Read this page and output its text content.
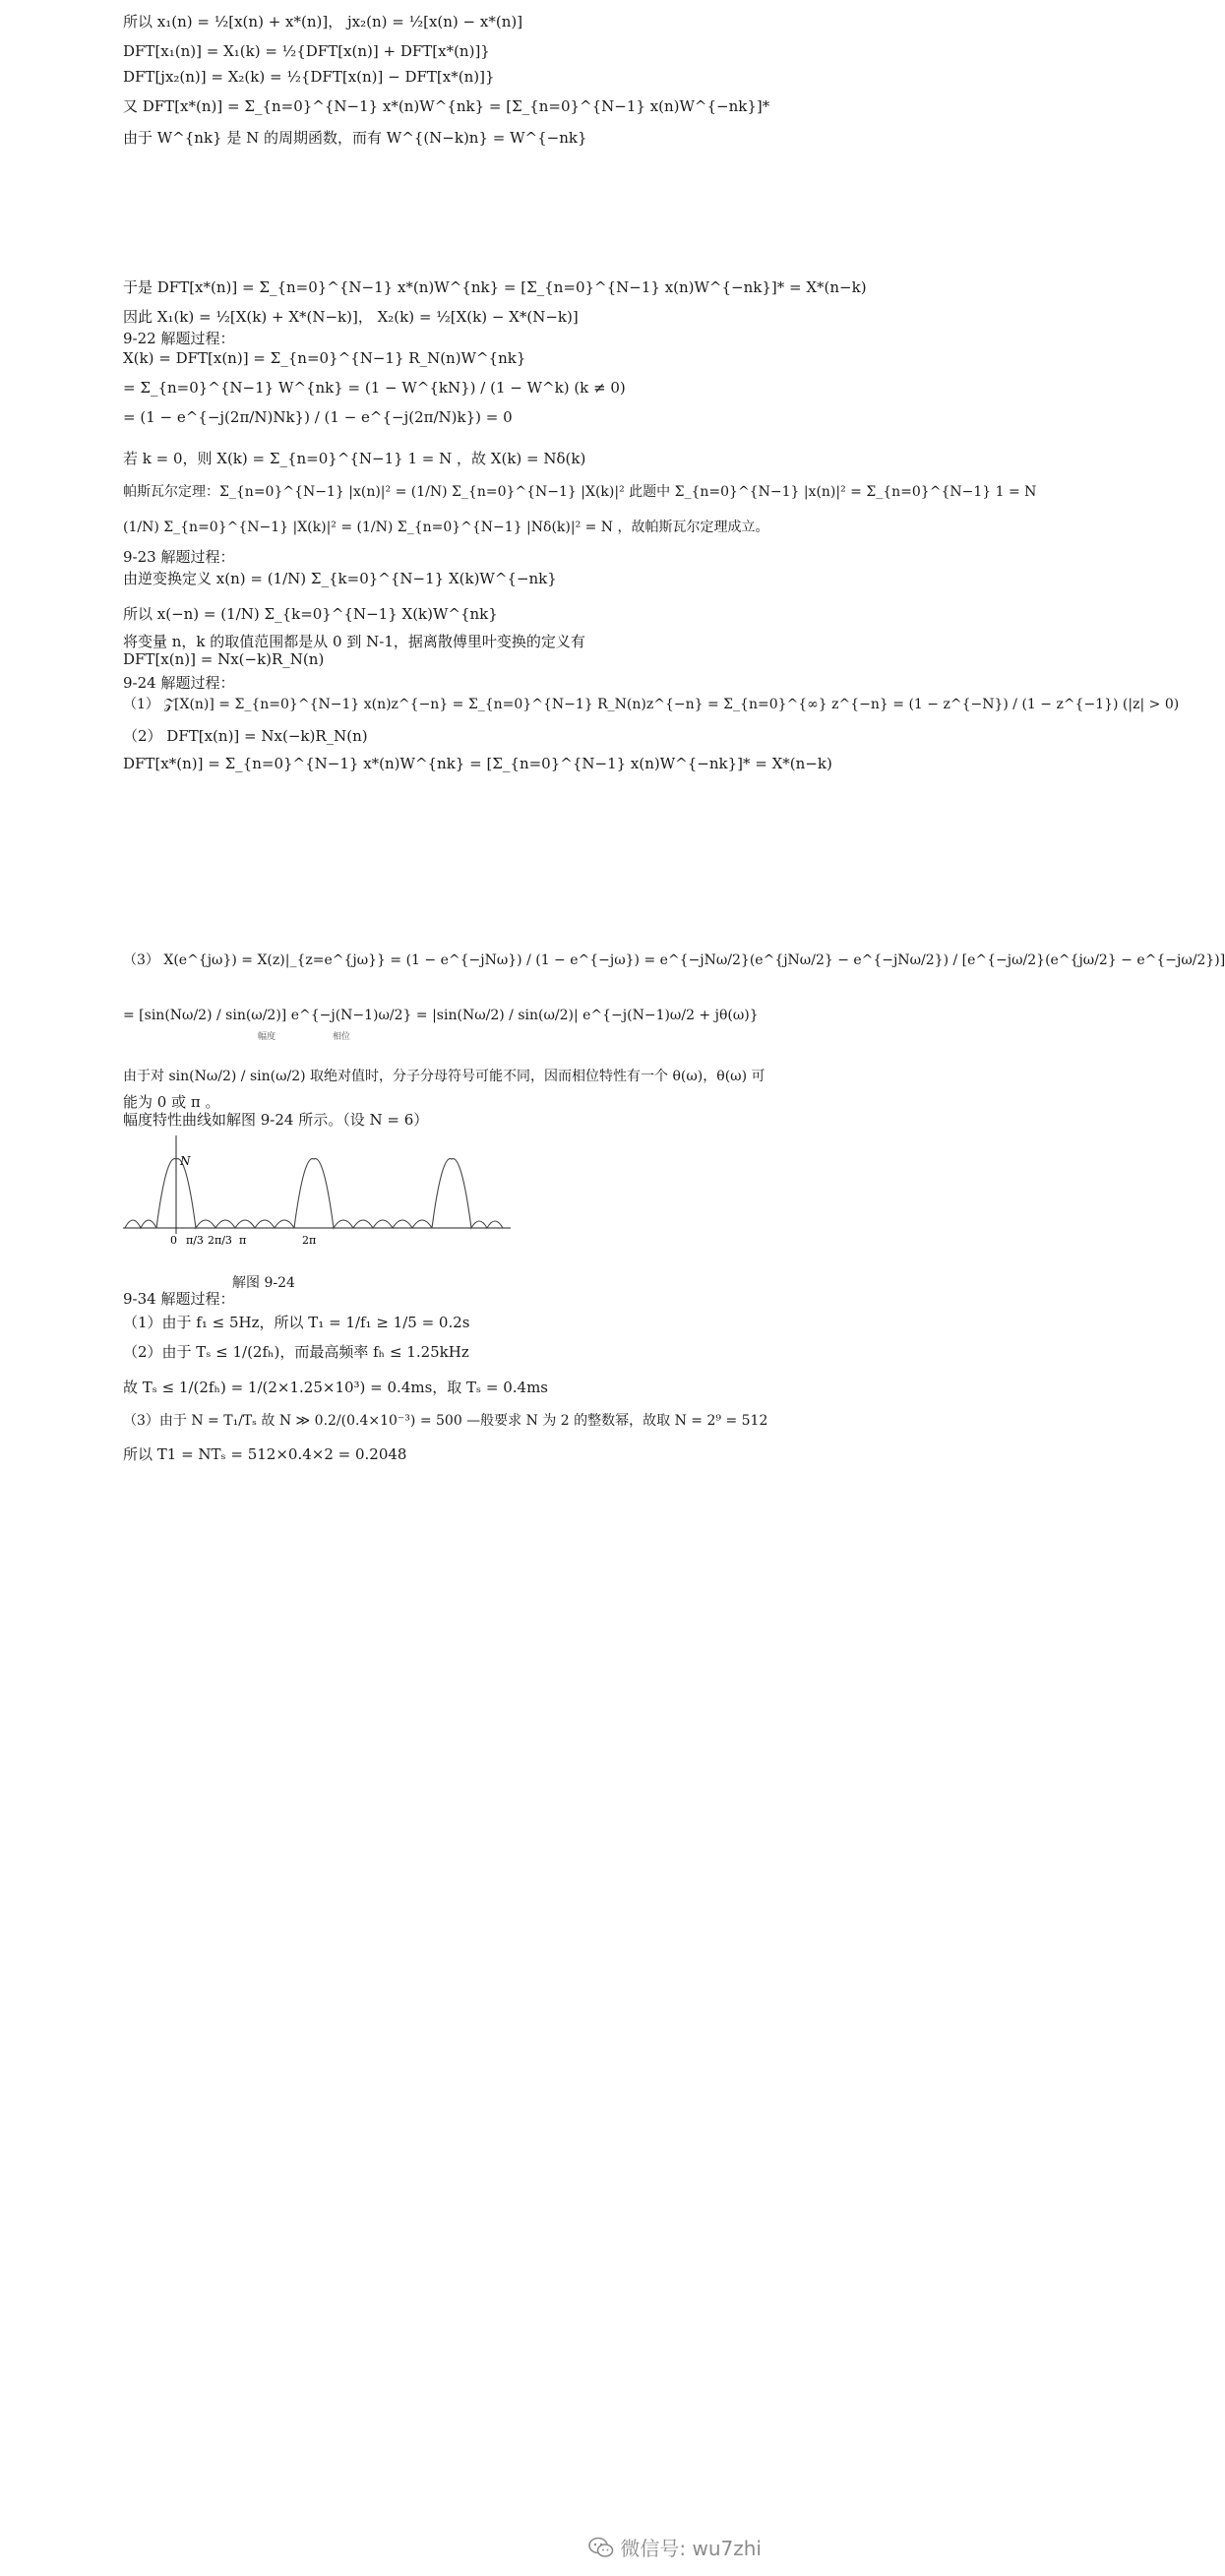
所以 x₁(n) = ½[x(n) + x*(n)]， jx₂(n) = ½[x(n) − x*(n)]
DFT[x₁(n)] = X₁(k) = ½{DFT[x(n)] + DFT[x*(n)]}
DFT[jx₂(n)] = X₂(k) = ½{DFT[x(n)] − DFT[x*(n)]}
又 DFT[x*(n)] = Σ_{n=0}^{N−1} x*(n)W^{nk} = [Σ_{n=0}^{N−1} x(n)W^{−nk}]*
由于 W^{nk} 是 N 的周期函数，而有 W^{(N−k)n} = W^{−nk}
于是 DFT[x*(n)] = Σ_{n=0}^{N−1} x*(n)W^{nk} = [Σ_{n=0}^{N−1} x(n)W^{−nk}]* = X*(n−k)
因此 X₁(k) = ½[X(k) + X*(N−k)]， X₂(k) = ½[X(k) − X*(N−k)]
9-22 解题过程：
X(k) = DFT[x(n)] = Σ_{n=0}^{N−1} R_N(n)W^{nk}
= Σ_{n=0}^{N−1} W^{nk} = (1 − W^{kN}) / (1 − W^k) (k ≠ 0)
= (1 − e^{−j(2π/N)Nk}) / (1 − e^{−j(2π/N)k}) = 0
若 k = 0，则 X(k) = Σ_{n=0}^{N−1} 1 = N ，故 X(k) = Nδ(k)
帕斯瓦尔定理：Σ_{n=0}^{N−1} |x(n)|² = (1/N) Σ_{n=0}^{N−1} |X(k)|² 此题中 Σ_{n=0}^{N−1} |x(n)|² = Σ_{n=0}^{N−1} 1 = N
(1/N) Σ_{n=0}^{N−1} |X(k)|² = (1/N) Σ_{n=0}^{N−1} |Nδ(k)|² = N ，故帕斯瓦尔定理成立。
9-23 解题过程：
由逆变换定义 x(n) = (1/N) Σ_{k=0}^{N−1} X(k)W^{−nk}
所以 x(−n) = (1/N) Σ_{k=0}^{N−1} X(k)W^{nk}
将变量 n，k 的取值范围都是从 0 到 N-1，据离散傅里叶变换的定义有
DFT[x(n)] = Nx(−k)R_N(n)
9-24 解题过程：
（1） 𝒵[X(n)] = Σ_{n=0}^{N−1} x(n)z^{−n} = Σ_{n=0}^{N−1} R_N(n)z^{−n} = Σ_{n=0}^{∞} z^{−n} = (1 − z^{−N}) / (1 − z^{−1}) (|z| > 0)
（2） DFT[x(n)] = Nx(−k)R_N(n)
DFT[x*(n)] = Σ_{n=0}^{N−1} x*(n)W^{nk} = [Σ_{n=0}^{N−1} x(n)W^{−nk}]* = X*(n−k)
（3） X(e^{jω}) = X(z)|_{z=e^{jω}} = (1 − e^{−jNω}) / (1 − e^{−jω}) = e^{−jNω/2}(e^{jNω/2} − e^{−jNω/2}) / [e^{−jω/2}(e^{jω/2} − e^{−jω/2})]
= [sin(Nω/2) / sin(ω/2)] e^{−j(N−1)ω/2} = |sin(Nω/2) / sin(ω/2)| e^{−j(N−1)ω/2 + jθ(ω)}
幅度	相位
由于对 sin(Nω/2) / sin(ω/2) 取绝对值时，分子分母符号可能不同，因而相位特性有一个 θ(ω)，θ(ω) 可
能为 0 或 π 。
幅度特性曲线如解图 9-24 所示。（设 N = 6）
N
0 π/3 2π/3 π	2π
解图 9-24
9-34 解题过程：
（1）由于 f₁ ≤ 5Hz，所以 T₁ = 1/f₁ ≥ 1/5 = 0.2s
（2）由于 Tₛ ≤ 1/(2fₕ)，而最高频率 fₕ ≤ 1.25kHz
故 Tₛ ≤ 1/(2fₕ) = 1/(2×1.25×10³) = 0.4ms，取 Tₛ = 0.4ms
（3）由于 N = T₁/Tₛ 故 N ≫ 0.2/(0.4×10⁻³) = 500 —般要求 N 为 2 的整数幂，故取 N = 2⁹ = 512
所以 T1 = NTₛ = 512×0.4×2 = 0.2048
微信号: wu7zhi
